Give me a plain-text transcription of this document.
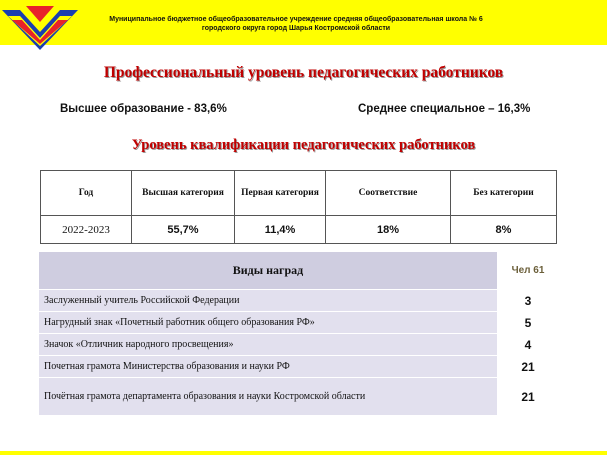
Муниципальное бюджетное общеобразовательное учреждение средняя общеобразовательная школа № 6
городского округа город Шарья Костромской области
Профессиональный уровень педагогических работников
Высшее образование - 83,6%	Среднее специальное – 16,3%
Уровень квалификации педагогических работников
Год	Высшая категория	Первая категория	Соответствие	Без категории
2022-2023	55,7%	11,4%	18%	8%
Виды наград	Чел 61
Заслуженный учитель Российской Федерации	3
Нагрудный знак «Почетный работник общего образования РФ»	5
Значок «Отличник народного просвещения»	4
Почетная грамота Министерства образования и науки РФ	21
Почётная грамота департамента образования и науки Костромской области	21
